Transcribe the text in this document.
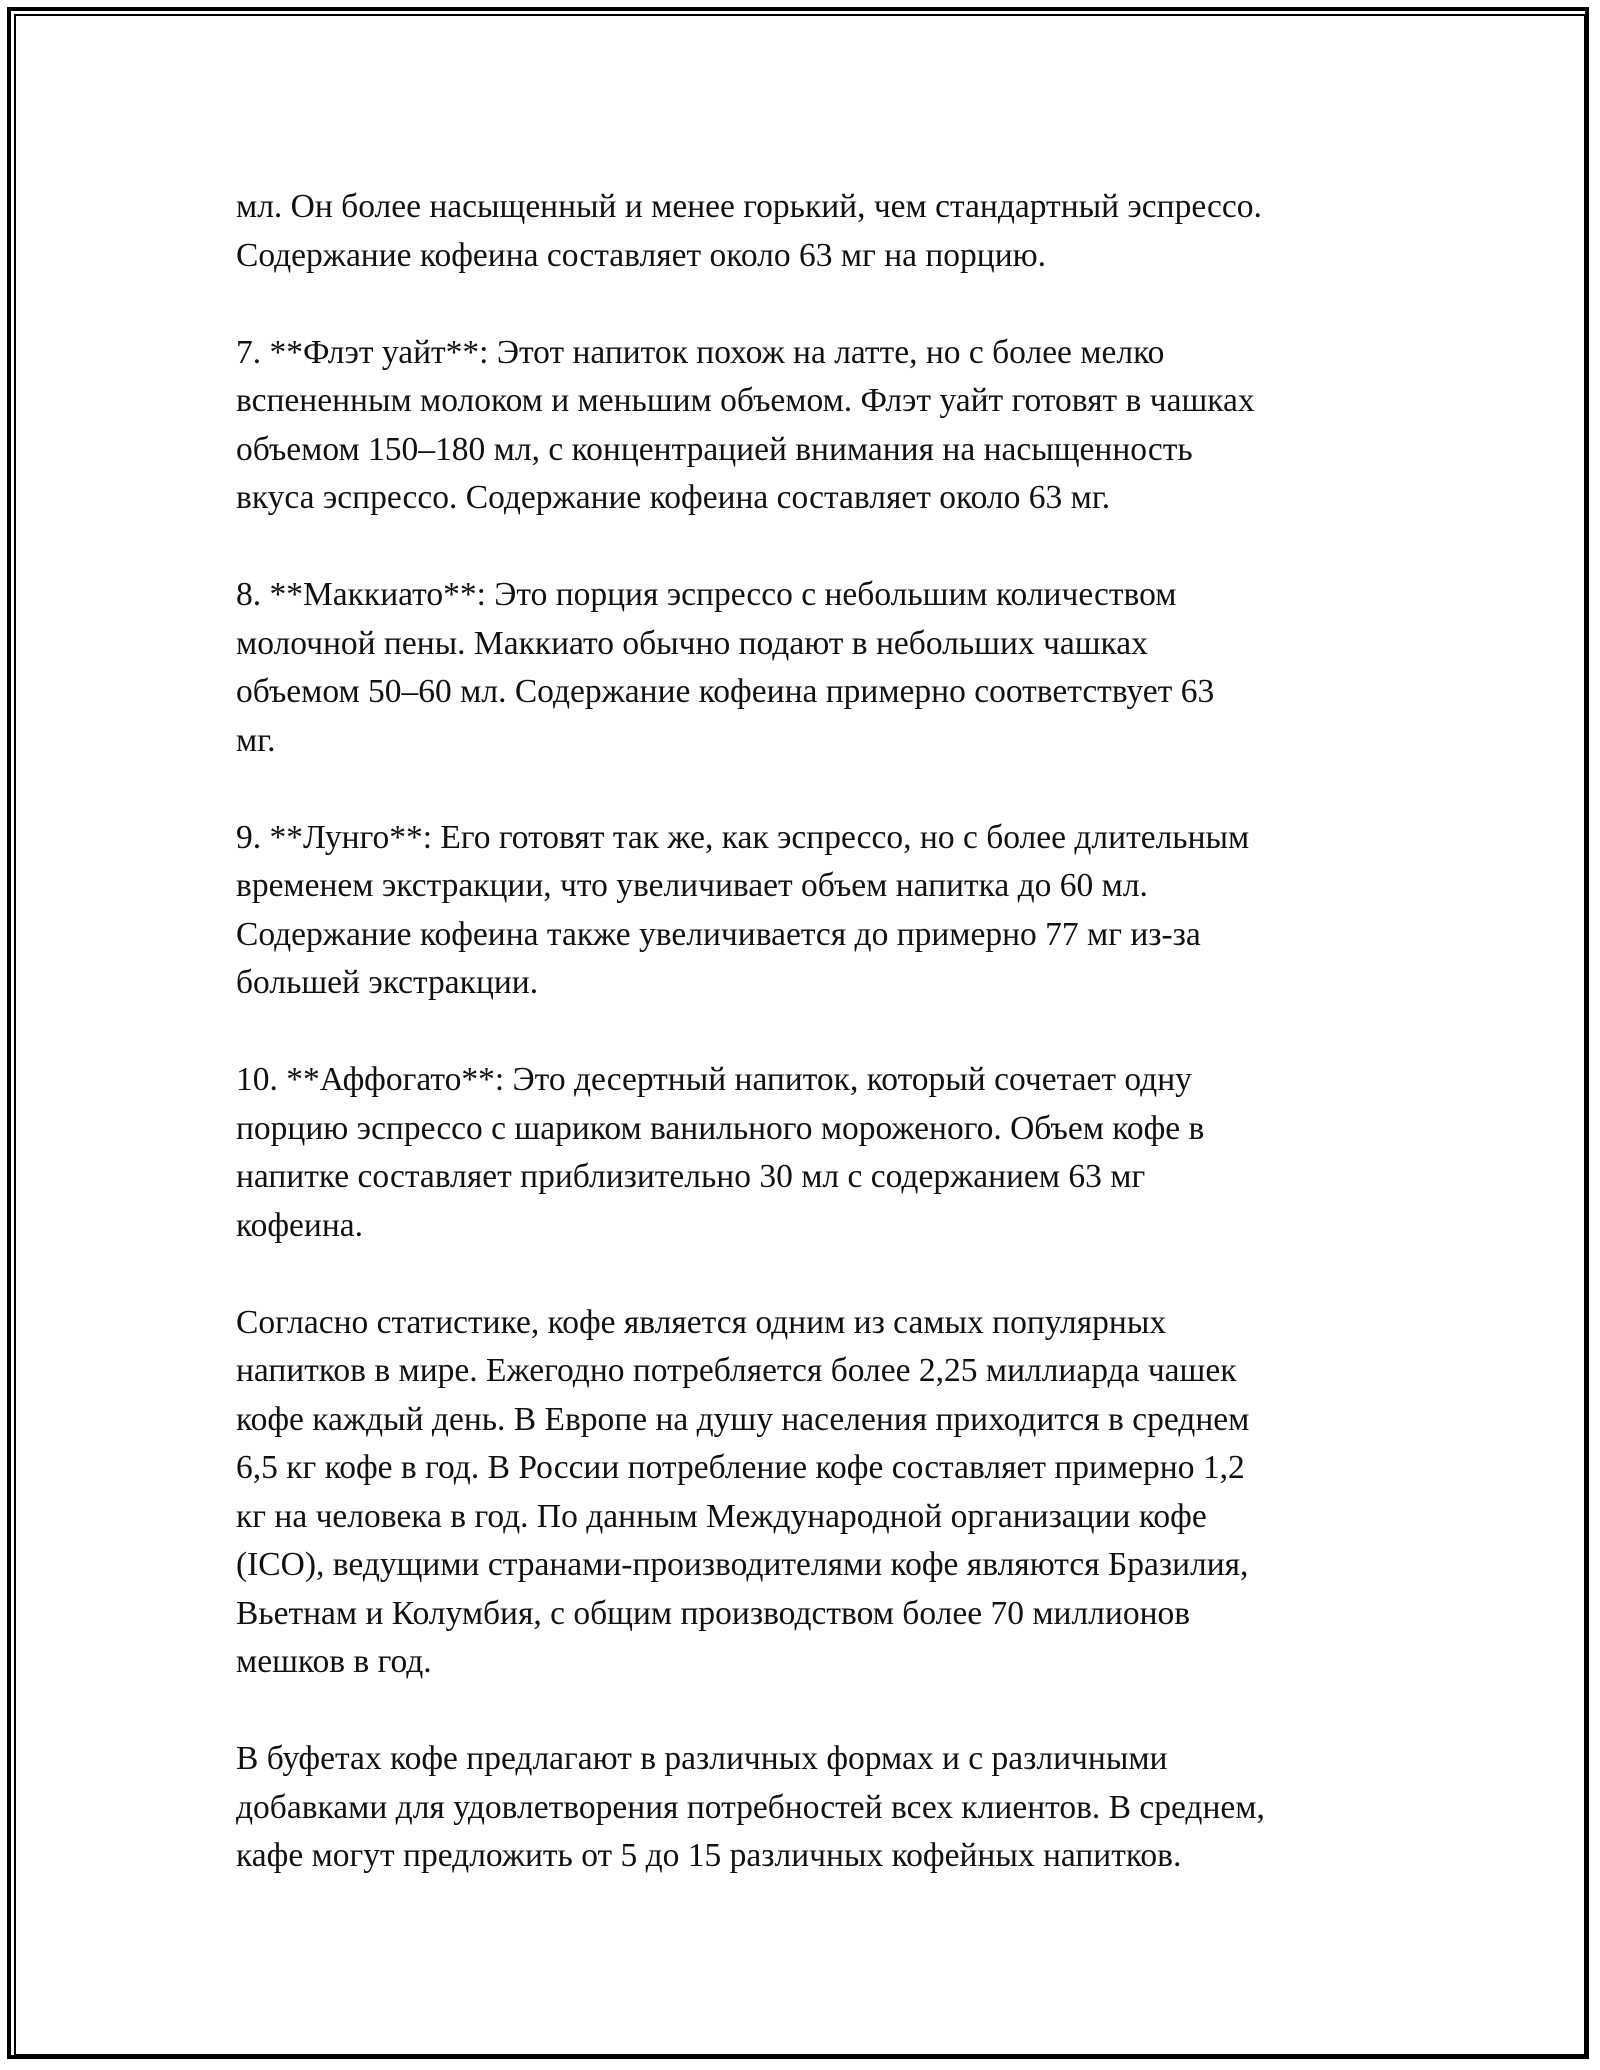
мл. Он более насыщенный и менее горький, чем стандартный эспрессо.
Содержание кофеина составляет около 63 мг на порцию.

7. **Флэт уайт**: Этот напиток похож на латте, но с более мелко
вспененным молоком и меньшим объемом. Флэт уайт готовят в чашках
объемом 150–180 мл, с концентрацией внимания на насыщенность
вкуса эспрессо. Содержание кофеина составляет около 63 мг.

8. **Маккиато**: Это порция эспрессо с небольшим количеством
молочной пены. Маккиато обычно подают в небольших чашках
объемом 50–60 мл. Содержание кофеина примерно соответствует 63
мг.

9. **Лунго**: Его готовят так же, как эспрессо, но с более длительным
временем экстракции, что увеличивает объем напитка до 60 мл.
Содержание кофеина также увеличивается до примерно 77 мг из-за
большей экстракции.

10. **Аффогато**: Это десертный напиток, который сочетает одну
порцию эспрессо с шариком ванильного мороженого. Объем кофе в
напитке составляет приблизительно 30 мл с содержанием 63 мг
кофеина.

Согласно статистике, кофе является одним из самых популярных
напитков в мире. Ежегодно потребляется более 2,25 миллиарда чашек
кофе каждый день. В Европе на душу населения приходится в среднем
6,5 кг кофе в год. В России потребление кофе составляет примерно 1,2
кг на человека в год. По данным Международной организации кофе
(ICO), ведущими странами-производителями кофе являются Бразилия,
Вьетнам и Колумбия, с общим производством более 70 миллионов
мешков в год.

В буфетах кофе предлагают в различных формах и с различными
добавками для удовлетворения потребностей всех клиентов. В среднем,
кафе могут предложить от 5 до 15 различных кофейных напитков.
